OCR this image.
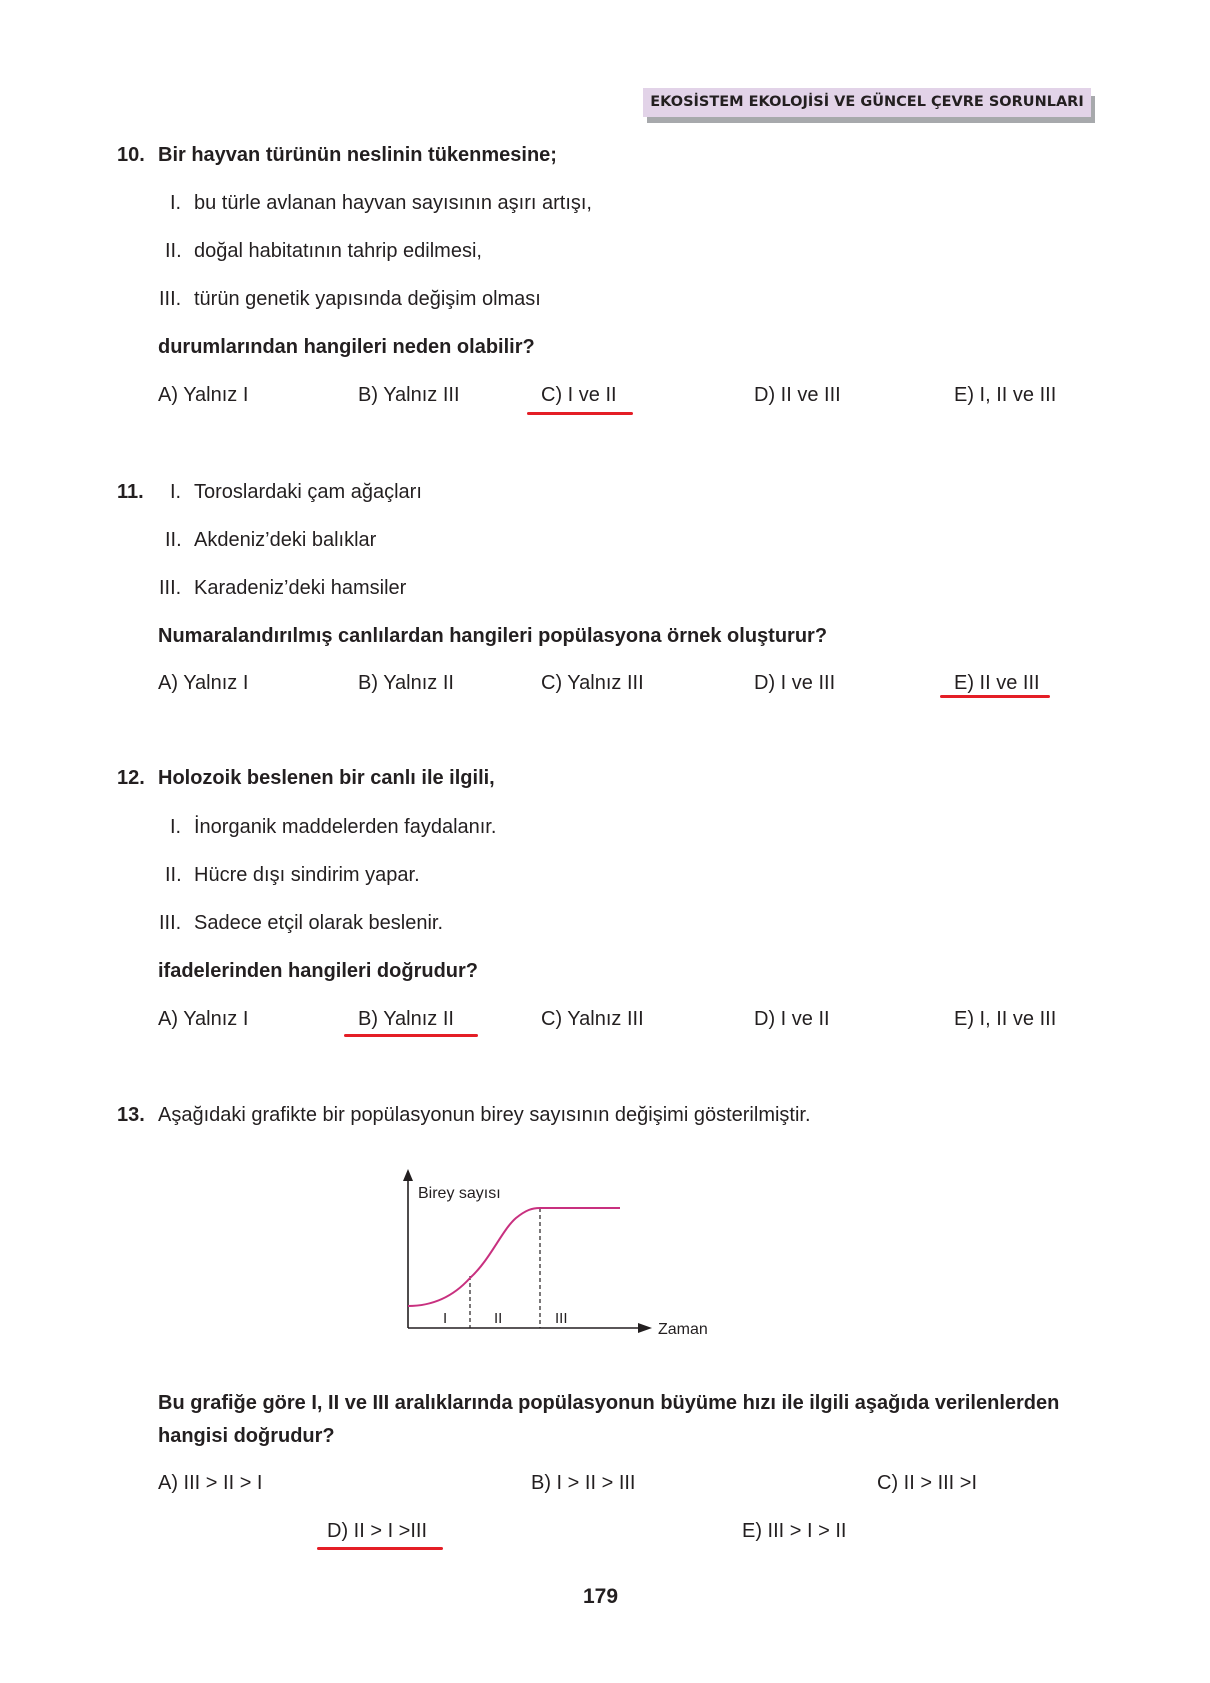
EKOSİSTEM EKOLOJİSİ VE GÜNCEL ÇEVRE SORUNLARI
10. Bir hayvan türünün neslinin tükenmesine;
I. bu türle avlanan hayvan sayısının aşırı artışı,
II. doğal habitatının tahrip edilmesi,
III. türün genetik yapısında değişim olması
durumlarından hangileri neden olabilir?
A) Yalnız I	B) Yalnız III	C) I ve II	D) II ve III	E) I, II ve III
11. I. Toroslardaki çam ağaçları
II. Akdeniz’deki balıklar
III. Karadeniz’deki hamsiler
Numaralandırılmış canlılardan hangileri popülasyona örnek oluşturur?
A) Yalnız I	B) Yalnız II	C) Yalnız III	D) I ve III	E) II ve III
12. Holozoik beslenen bir canlı ile ilgili,
I. İnorganik maddelerden faydalanır.
II. Hücre dışı sindirim yapar.
III. Sadece etçil olarak beslenir.
ifadelerinden hangileri doğrudur?
A) Yalnız I	B) Yalnız II	C) Yalnız III	D) I ve II	E) I, II ve III
13. Aşağıdaki grafikte bir popülasyonun birey sayısının değişimi gösterilmiştir.
Birey sayısı
Zaman
I	II	III
Bu grafiğe göre I, II ve III aralıklarında popülasyonun büyüme hızı ile ilgili aşağıda verilenlerden
hangisi doğrudur?
A) III > II > I	B) I > II > III	C) II > III >I
D) II > I >III	E) III > I > II
179
